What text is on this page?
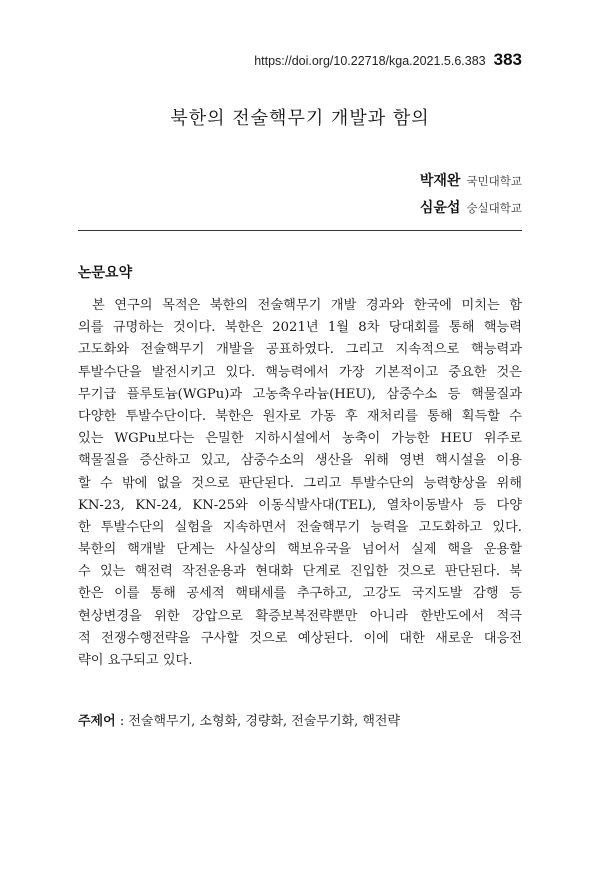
https://doi.org/10.22718/kga.2021.5.6.383 383
북한의 전술핵무기 개발과 함의
박재완 국민대학교
심윤섭 숭실대학교
논문요약
본 연구의 목적은 북한의 전술핵무기 개발 경과와 한국에 미치는 함
의를 규명하는 것이다. 북한은 2021년 1월 8차 당대회를 통해 핵능력
고도화와 전술핵무기 개발을 공표하였다. 그리고 지속적으로 핵능력과
투발수단을 발전시키고 있다. 핵능력에서 가장 기본적이고 중요한 것은
무기급 플루토늄(WGPu)과 고농축우라늄(HEU), 삼중수소 등 핵물질과
다양한 투발수단이다. 북한은 원자로 가동 후 재처리를 통해 획득할 수
있는 WGPu보다는 은밀한 지하시설에서 농축이 가능한 HEU 위주로
핵물질을 증산하고 있고, 삼중수소의 생산을 위해 영변 핵시설을 이용
할 수 밖에 없을 것으로 판단된다. 그리고 투발수단의 능력향상을 위해
KN-23, KN-24, KN-25와 이동식발사대(TEL), 열차이동발사 등 다양
한 투발수단의 실험을 지속하면서 전술핵무기 능력을 고도화하고 있다.
북한의 핵개발 단계는 사실상의 핵보유국을 넘어서 실제 핵을 운용할
수 있는 핵전력 작전운용과 현대화 단계로 진입한 것으로 판단된다. 북
한은 이를 통해 공세적 핵태세를 추구하고, 고강도 국지도발 감행 등
현상변경을 위한 강압으로 확증보복전략뿐만 아니라 한반도에서 적극
적 전쟁수행전략을 구사할 것으로 예상된다. 이에 대한 새로운 대응전
략이 요구되고 있다.
주제어 : 전술핵무기, 소형화, 경량화, 전술무기화, 핵전략
